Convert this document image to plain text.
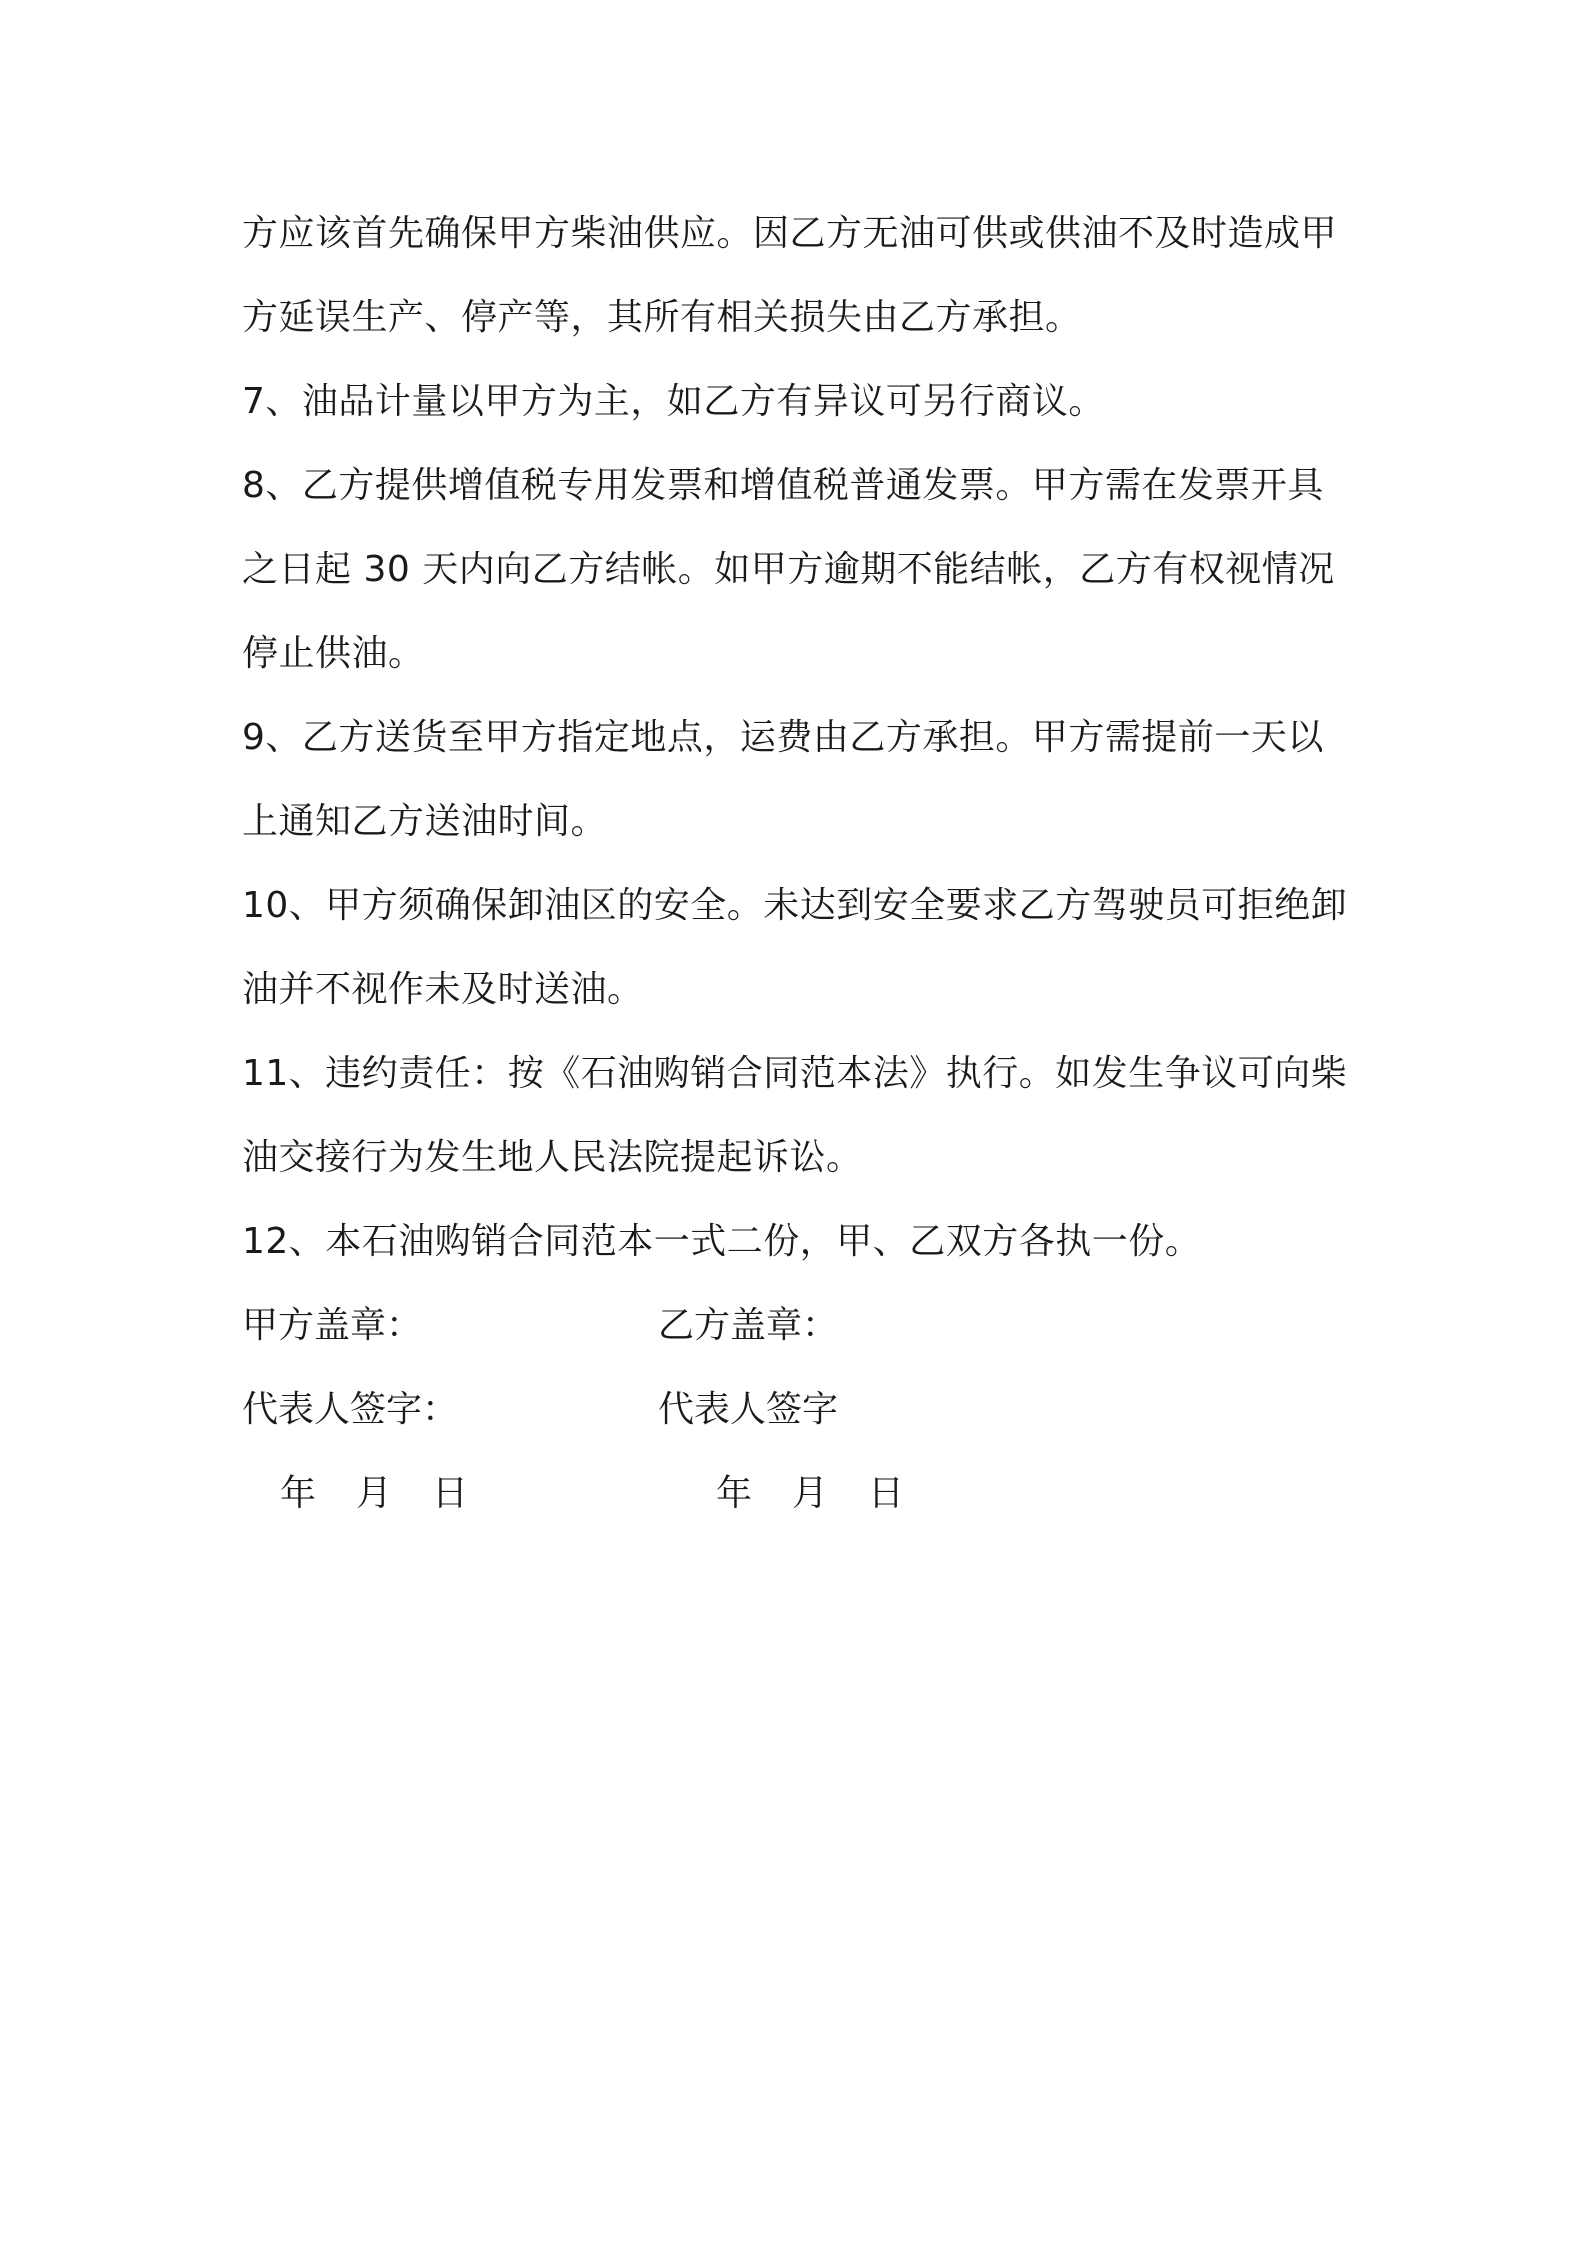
方应该首先确保甲方柴油供应。因乙方无油可供或供油不及时造成甲
方延误生产、停产等，其所有相关损失由乙方承担。
7、油品计量以甲方为主，如乙方有异议可另行商议。
8、乙方提供增值税专用发票和增值税普通发票。甲方需在发票开具
之日起 30 天内向乙方结帐。如甲方逾期不能结帐，乙方有权视情况
停止供油。
9、乙方送货至甲方指定地点，运费由乙方承担。甲方需提前一天以
上通知乙方送油时间。
10、甲方须确保卸油区的安全。未达到安全要求乙方驾驶员可拒绝卸
油并不视作未及时送油。
11、违约责任：按《石油购销合同范本法》执行。如发生争议可向柴
油交接行为发生地人民法院提起诉讼。
12、本石油购销合同范本一式二份，甲、乙双方各执一份。
甲方盖章：	乙方盖章：
代表人签字：	代表人签字
年 月 日	年 月 日
